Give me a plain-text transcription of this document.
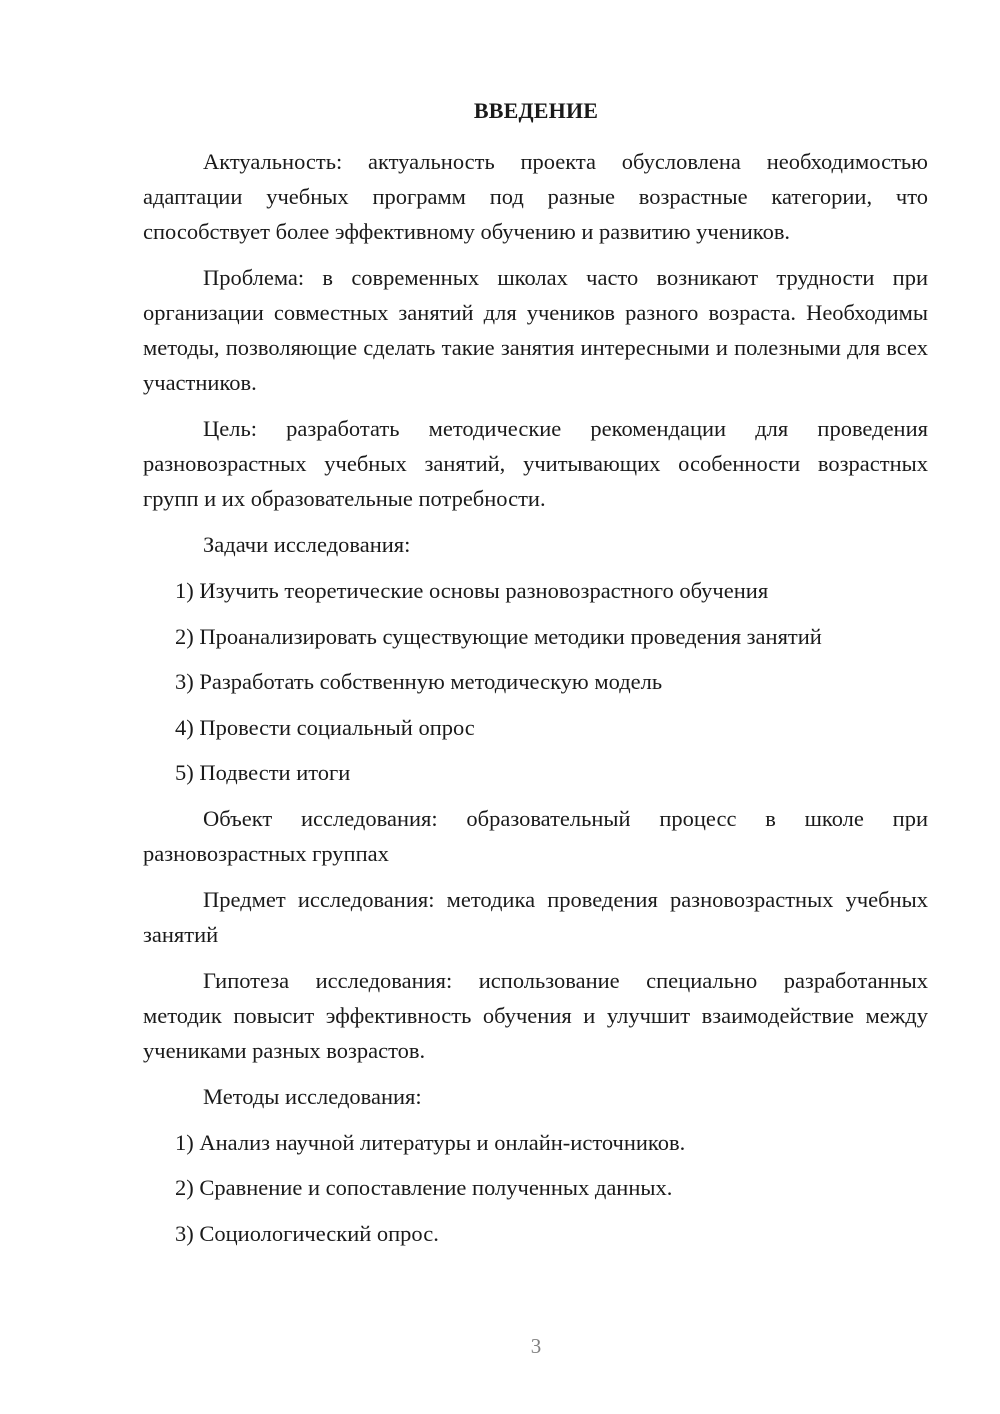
ВВЕДЕНИЕ

Актуальность: актуальность проекта обусловлена необходимостью адаптации учебных программ под разные возрастные категории, что способствует более эффективному обучению и развитию учеников.

Проблема: в современных школах часто возникают трудности при организации совместных занятий для учеников разного возраста. Необходимы методы, позволяющие сделать такие занятия интересными и полезными для всех участников.

Цель: разработать методические рекомендации для проведения разновозрастных учебных занятий, учитывающих особенности возрастных групп и их образовательные потребности.

Задачи исследования:

1) Изучить теоретические основы разновозрастного обучения

2) Проанализировать существующие методики проведения занятий

3) Разработать собственную методическую модель

4) Провести социальный опрос

5) Подвести итоги

Объект исследования: образовательный процесс в школе при разновозрастных группах

Предмет исследования: методика проведения разновозрастных учебных занятий

Гипотеза исследования: использование специально разработанных методик повысит эффективность обучения и улучшит взаимодействие между учениками разных возрастов.

Методы исследования:

1) Анализ научной литературы и онлайн-источников.

2) Сравнение и сопоставление полученных данных.

3) Социологический опрос.

3
